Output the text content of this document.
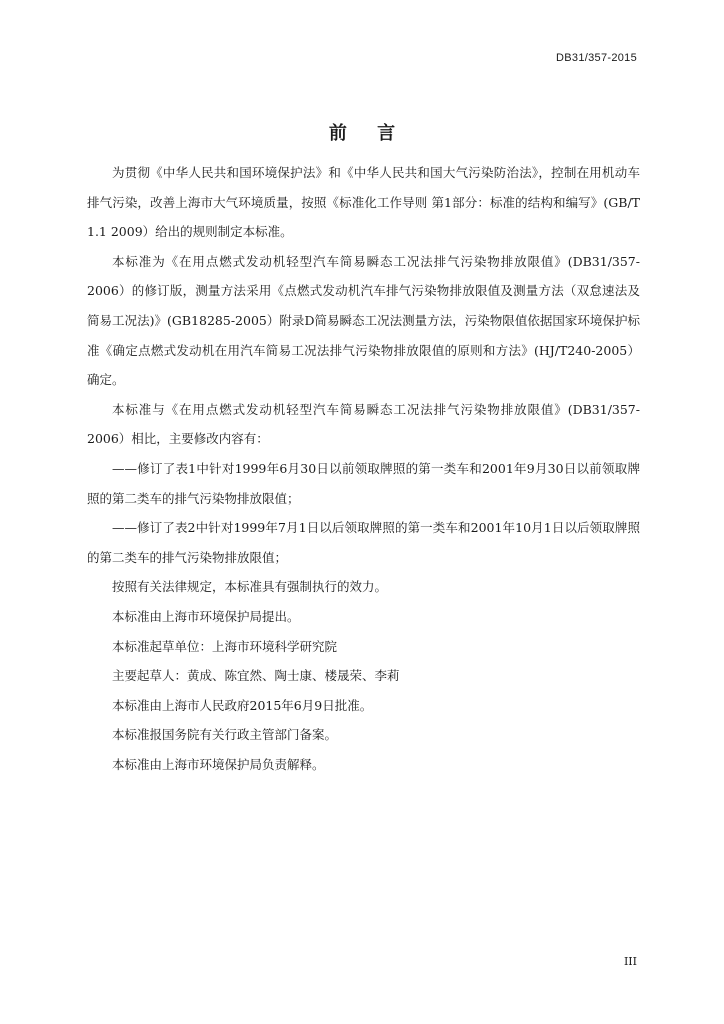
DB31/357-2015
前 言

为贯彻《中华人民共和国环境保护法》和《中华人民共和国大气污染防治法》，控制在用机动车排气污染，改善上海市大气环境质量，按照《标准化工作导则 第1部分：标准的结构和编写》(GB/T 1.1 2009）给出的规则制定本标准。

本标准为《在用点燃式发动机轻型汽车简易瞬态工况法排气污染物排放限值》(DB31/357-2006）的修订版，测量方法采用《点燃式发动机汽车排气污染物排放限值及测量方法（双怠速法及简易工况法)》(GB18285-2005）附录D简易瞬态工况法测量方法，污染物限值依据国家环境保护标准《确定点燃式发动机在用汽车简易工况法排气污染物排放限值的原则和方法》(HJ/T240-2005）确定。

本标准与《在用点燃式发动机轻型汽车简易瞬态工况法排气污染物排放限值》(DB31/357-2006）相比，主要修改内容有：

——修订了表1中针对1999年6月30日以前领取牌照的第一类车和2001年9月30日以前领取牌照的第二类车的排气污染物排放限值；

——修订了表2中针对1999年7月1日以后领取牌照的第一类车和2001年10月1日以后领取牌照的第二类车的排气污染物排放限值；

按照有关法律规定，本标准具有强制执行的效力。

本标准由上海市环境保护局提出。

本标准起草单位：上海市环境科学研究院

主要起草人：黄成、陈宜然、陶士康、楼晟荣、李莉

本标准由上海市人民政府2015年6月9日批准。

本标准报国务院有关行政主管部门备案。

本标准由上海市环境保护局负责解释。

III
